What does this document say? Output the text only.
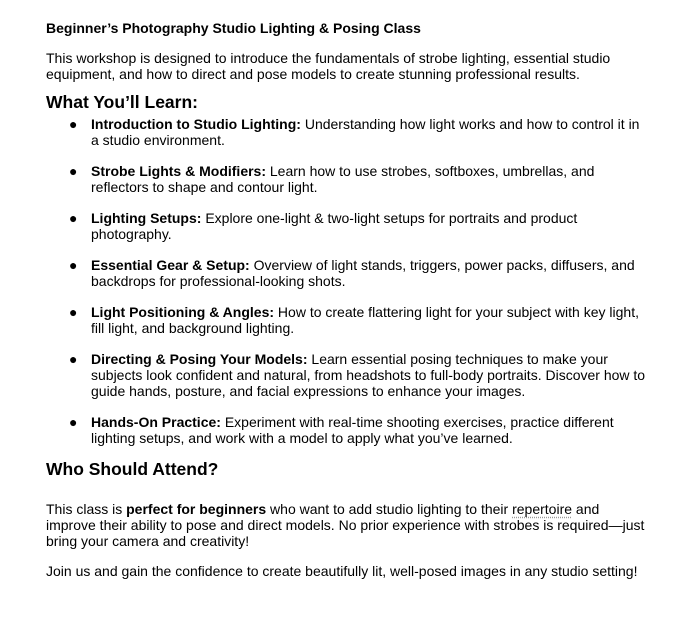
Beginner’s Photography Studio Lighting & Posing Class
This workshop is designed to introduce the fundamentals of strobe lighting, essential studio equipment, and how to direct and pose models to create stunning professional results.
What You’ll Learn:
● Introduction to Studio Lighting: Understanding how light works and how to control it in a studio environment.
● Strobe Lights & Modifiers: Learn how to use strobes, softboxes, umbrellas, and reflectors to shape and contour light.
● Lighting Setups: Explore one-light & two-light setups for portraits and product photography.
● Essential Gear & Setup: Overview of light stands, triggers, power packs, diffusers, and backdrops for professional-looking shots.
● Light Positioning & Angles: How to create flattering light for your subject with key light, fill light, and background lighting.
● Directing & Posing Your Models: Learn essential posing techniques to make your subjects look confident and natural, from headshots to full-body portraits. Discover how to guide hands, posture, and facial expressions to enhance your images.
● Hands-On Practice: Experiment with real-time shooting exercises, practice different lighting setups, and work with a model to apply what you’ve learned.
Who Should Attend?
This class is perfect for beginners who want to add studio lighting to their repertoire and improve their ability to pose and direct models. No prior experience with strobes is required—just bring your camera and creativity!
Join us and gain the confidence to create beautifully lit, well-posed images in any studio setting!
